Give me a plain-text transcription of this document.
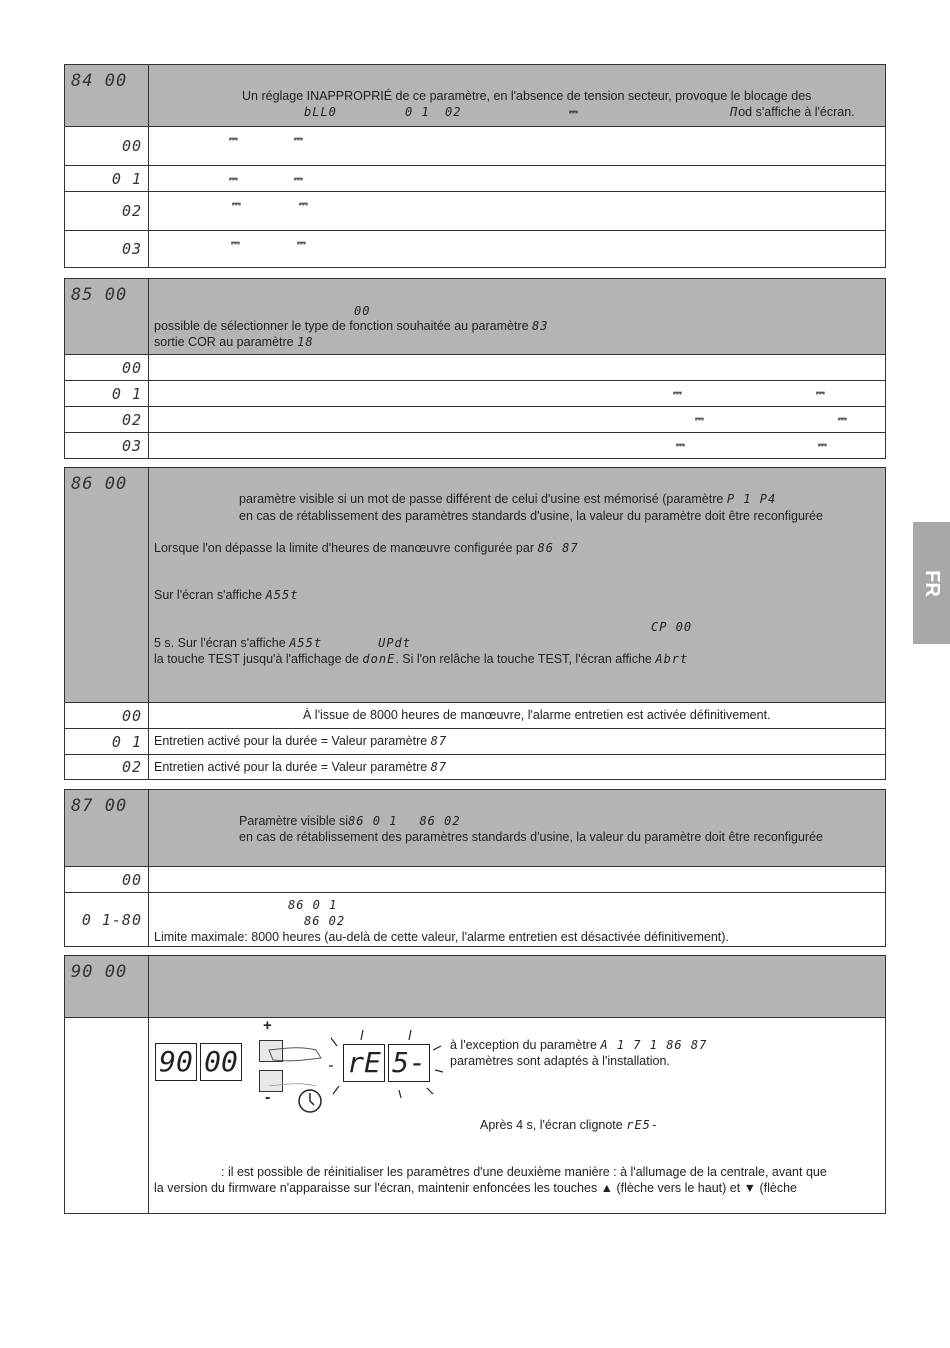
84 00
Un réglage INAPPROPRIÉ de ce paramètre, en l'absence de tension secteur, provoque le blocage des
bLL0	0 1 02	⎓	Πod s'affiche à l'écran.
00	⎓	⎓
0 1	⎓	⎓
02	⎓	⎓
03	⎓	⎓
85 00
00
possible de sélectionner le type de fonction souhaitée au paramètre 83
sortie COR au paramètre 18
00
0 1	⎓	⎓
02	⎓	⎓
03	⎓	⎓
86 00
paramètre visible si un mot de passe différent de celui d'usine est mémorisé (paramètre P 1 P4
en cas de rétablissement des paramètres standards d'usine, la valeur du paramètre doit être reconfigurée
Lorsque l'on dépasse la limite d'heures de manœuvre configurée par 86 87
Sur l'écran s'affiche A55t
CP 00
5 s. Sur l'écran s'affiche A55t	UPdt
la touche TEST jusqu'à l'affichage de donE. Si l'on relâche la touche TEST, l'écran affiche Abrt
00	À l'issue de 8000 heures de manœuvre, l'alarme entretien est activée définitivement.
0 1 Entretien activé pour la durée = Valeur paramètre 87
02 Entretien activé pour la durée = Valeur paramètre 87
87 00
Paramètre visible si86 0 1 86 02
en cas de rétablissement des paramètres standards d'usine, la valeur du paramètre doit être reconfigurée
00
0 1-80
86 0 1
86 02
Limite maximale: 8000 heures (au-delà de cette valeur, l'alarme entretien est désactivée définitivement).
90 00
90 00
+
-
rE 5-
à l'exception du paramètre A 1 7 1 86 87
paramètres sont adaptés à l'installation.
Après 4 s, l'écran clignote rE5-
: il est possible de réinitialiser les paramètres d'une deuxième manière : à l'allumage de la centrale, avant que
la version du firmware n'apparaisse sur l'écran, maintenir enfoncées les touches ▲ (flèche vers le haut) et ▼ (flèche
FR
